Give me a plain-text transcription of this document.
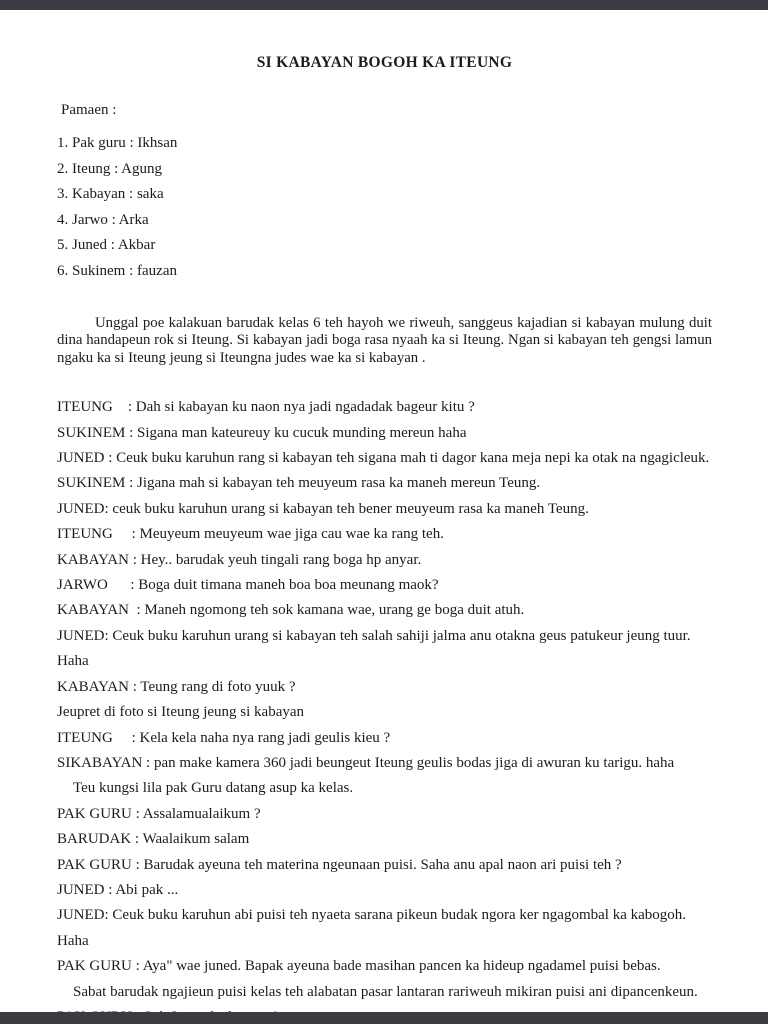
SI KABAYAN BOGOH KA ITEUNG

Pamaen :

1. Pak guru : Ikhsan

2. Iteung : Agung

3. Kabayan : saka

4. Jarwo : Arka

5. Juned : Akbar

6. Sukinem : fauzan

Unggal poe kalakuan barudak kelas 6 teh hayoh we riweuh, sanggeus kajadian si kabayan mulung duit dina handapeun rok si Iteung. Si kabayan jadi boga rasa nyaah ka si Iteung. Ngan si kabayan teh gengsi lamun ngaku ka si Iteung jeung si Iteungna judes wae ka si kabayan .

ITEUNG    : Dah si kabayan ku naon nya jadi ngadadak bageur kitu ?

SUKINEM : Sigana man kateureuy ku cucuk munding mereun haha

JUNED : Ceuk buku karuhun rang si kabayan teh sigana mah ti dagor kana meja nepi ka otak na ngagicleuk.

SUKINEM : Jigana mah si kabayan teh meuyeum rasa ka maneh mereun Teung.

JUNED: ceuk buku karuhun urang si kabayan teh bener meuyeum rasa ka maneh Teung.

ITEUNG     : Meuyeum meuyeum wae jiga cau wae ka rang teh.

KABAYAN : Hey.. barudak yeuh tingali rang boga hp anyar.

JARWO      : Boga duit timana maneh boa boa meunang maok?

KABAYAN  : Maneh ngomong teh sok kamana wae, urang ge boga duit atuh.

JUNED: Ceuk buku karuhun urang si kabayan teh salah sahiji jalma anu otakna geus patukeur jeung tuur. Haha

KABAYAN : Teung rang di foto yuuk ?

Jeupret di foto si Iteung jeung si kabayan

ITEUNG     : Kela kela naha nya rang jadi geulis kieu ?

SIKABAYAN : pan make kamera 360 jadi beungeut Iteung geulis bodas jiga di awuran ku tarigu. haha

Teu kungsi lila pak Guru datang asup ka kelas.

PAK GURU : Assalamualaikum ?

BARUDAK : Waalaikum salam

PAK GURU : Barudak ayeuna teh materina ngeunaan puisi. Saha anu apal naon ari puisi teh ?

JUNED : Abi pak ...

JUNED: Ceuk buku karuhun abi puisi teh nyaeta sarana pikeun budak ngora ker ngagombal ka kabogoh. Haha

PAK GURU : Aya" wae juned. Bapak ayeuna bade masihan pancen ka hideup ngadamel puisi bebas.

Sabat barudak ngajieun puisi kelas teh alabatan pasar lantaran rariweuh mikiran puisi ani dipancenkeun.
